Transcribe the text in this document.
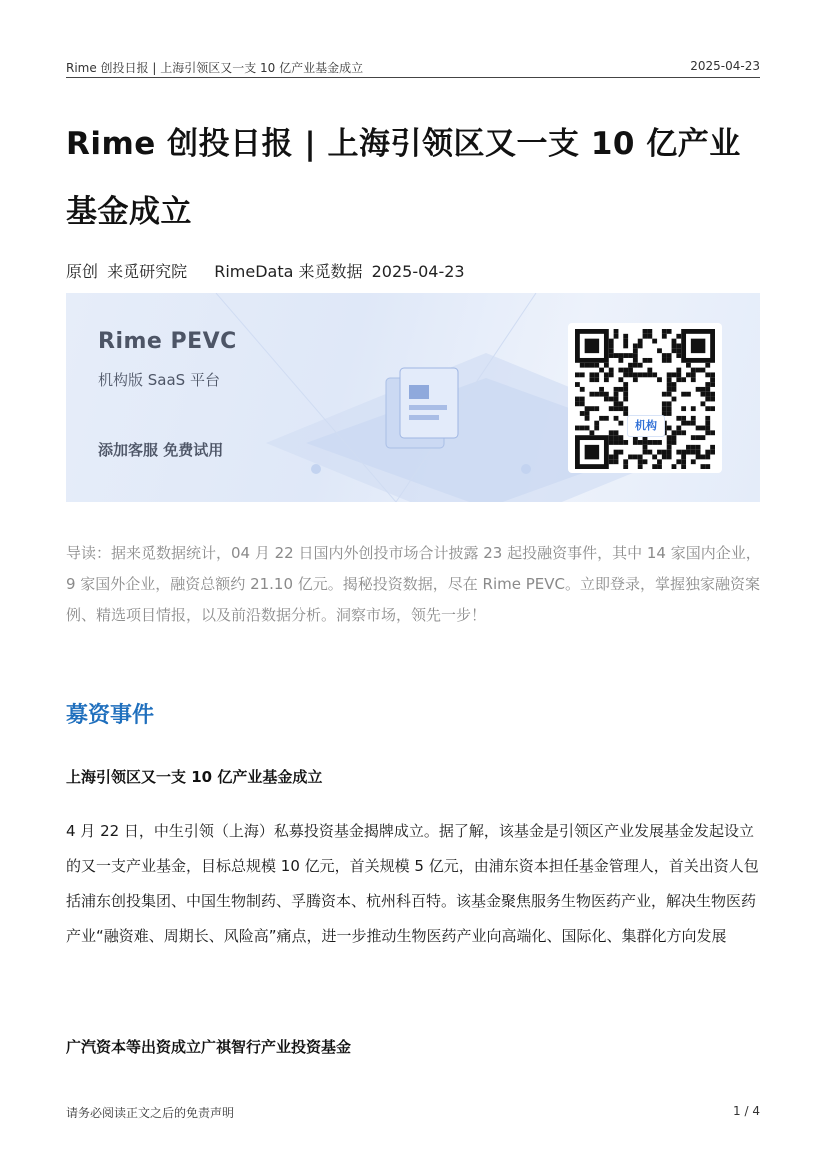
Rime 创投日报 | 上海引领区又一支 10 亿产业基金成立	2025-04-23
Rime 创投日报 | 上海引领区又一支 10 亿产业基金成立
原创 来觅研究院 RimeData 来觅数据 2025-04-23
Rime PEVC
机构版 SaaS 平台
添加客服 免费试用
机构

导读：据来觅数据统计，04 月 22 日国内外创投市场合计披露 23 起投融资事件，其中 14 家国内企业，9 家国外企业，融资总额约 21.10 亿元。揭秘投资数据，尽在 Rime PEVC。立即登录，掌握独家融资案例、精选项目情报，以及前沿数据分析。洞察市场，领先一步！

募资事件
上海引领区又一支 10 亿产业基金成立

4 月 22 日，中生引领（上海）私募投资基金揭牌成立。据了解，该基金是引领区产业发展基金发起设立的又一支产业基金，目标总规模 10 亿元，首关规模 5 亿元，由浦东资本担任基金管理人，首关出资人包括浦东创投集团、中国生物制药、孚腾资本、杭州科百特。该基金聚焦服务生物医药产业，解决生物医药产业“融资难、周期长、风险高”痛点，进一步推动生物医药产业向高端化、国际化、集群化方向发展

广汽资本等出资成立广祺智行产业投资基金
请务必阅读正文之后的免责声明	1 / 4
